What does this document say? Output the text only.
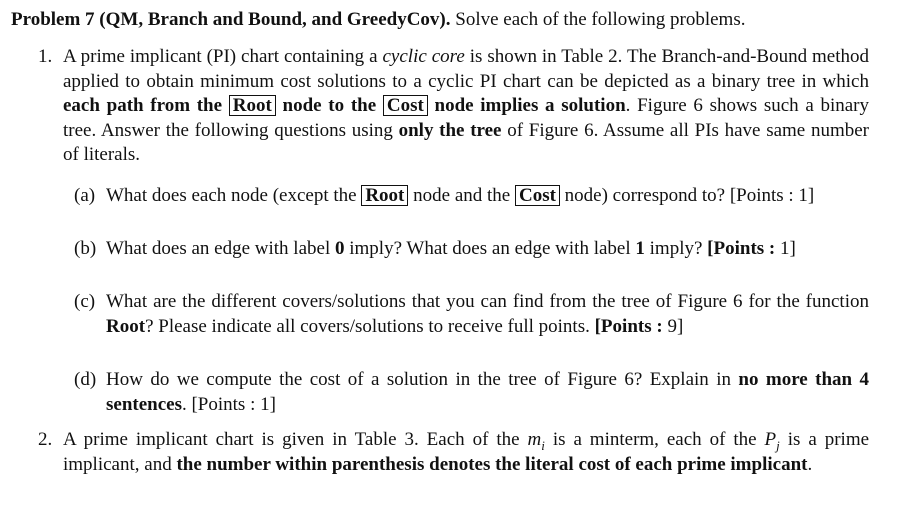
Problem 7 (QM, Branch and Bound, and GreedyCov). Solve each of the following problems.
1. A prime implicant (PI) chart containing a cyclic core is shown in Table 2. The Branch-and-Bound method applied to obtain minimum cost solutions to a cyclic PI chart can be depicted as a binary tree in which each path from the Root node to the Cost node implies a solution. Figure 6 shows such a binary tree. Answer the following questions using only the tree of Figure 6. Assume all PIs have same number of literals.
(a) What does each node (except the Root node and the Cost node) correspond to? [Points : 1]
(b) What does an edge with label 0 imply? What does an edge with label 1 imply? [Points : 1]
(c) What are the different covers/solutions that you can find from the tree of Figure 6 for the function Root? Please indicate all covers/solutions to receive full points. [Points : 9]
(d) How do we compute the cost of a solution in the tree of Figure 6? Explain in no more than 4 sentences. [Points : 1]
2. A prime implicant chart is given in Table 3. Each of the $m_i$ is a minterm, each of the $P_j$ is a prime implicant, and the number within parenthesis denotes the literal cost of each prime implicant.
